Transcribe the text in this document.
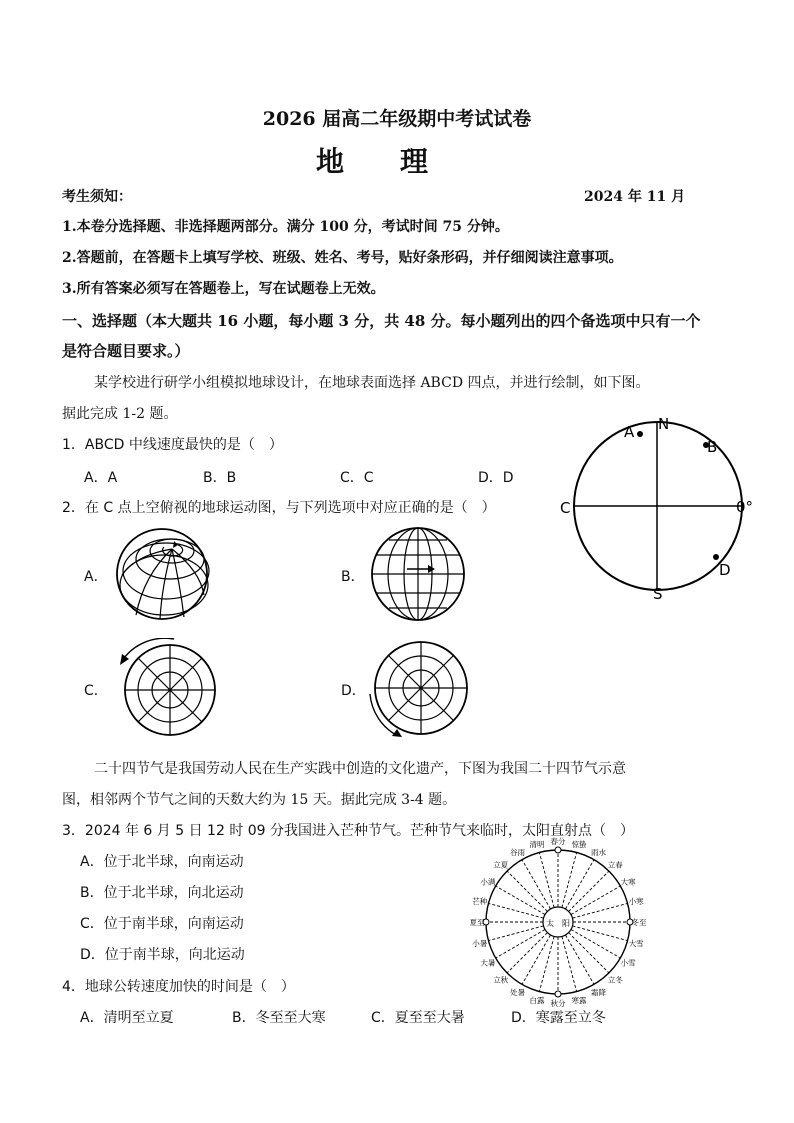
2026 届高二年级期中考试试卷
地　　理
考生须知：	2024 年 11 月
1.本卷分选择题、非选择题两部分。满分 100 分，考试时间 75 分钟。
2.答题前，在答题卡上填写学校、班级、姓名、考号，贴好条形码，并仔细阅读注意事项。
3.所有答案必须写在答题卷上，写在试题卷上无效。
一、选择题（本大题共 16 小题，每小题 3 分，共 48 分。每小题列出的四个备选项中只有一个
是符合题目要求。）
某学校进行研学小组模拟地球设计，在地球表面选择 ABCD 四点，并进行绘制，如下图。
据此完成 1-2 题。
1．ABCD 中线速度最快的是（　）
A．A	B．B	C．C	D．D
2．在 C 点上空俯视的地球运动图，与下列选项中对应正确的是（　）
A．	B．
C．	D．
A N
B
C	0°
D
S
二十四节气是我国劳动人民在生产实践中创造的文化遗产，下图为我国二十四节气示意
图，相邻两个节气之间的天数大约为 15 天。据此完成 3-4 题。
3．2024 年 6 月 5 日 12 时 09 分我国进入芒种节气。芒种节气来临时，太阳直射点（　）
A．位于北半球，向南运动
B．位于北半球，向北运动
C．位于南半球，向南运动
D．位于南半球，向北运动
4．地球公转速度加快的时间是（　）
A．清明至立夏	B．冬至至大寒	C．夏至至大暑	D．寒露至立冬
太　阳
春分 惊蛰
雨水
立春
大寒
小寒
冬至
大雪
小雪
立冬
霜降
寒露
秋分
白露
处暑
立秋
大暑
小暑
夏至
芒种
小满
立夏
谷雨
清明
